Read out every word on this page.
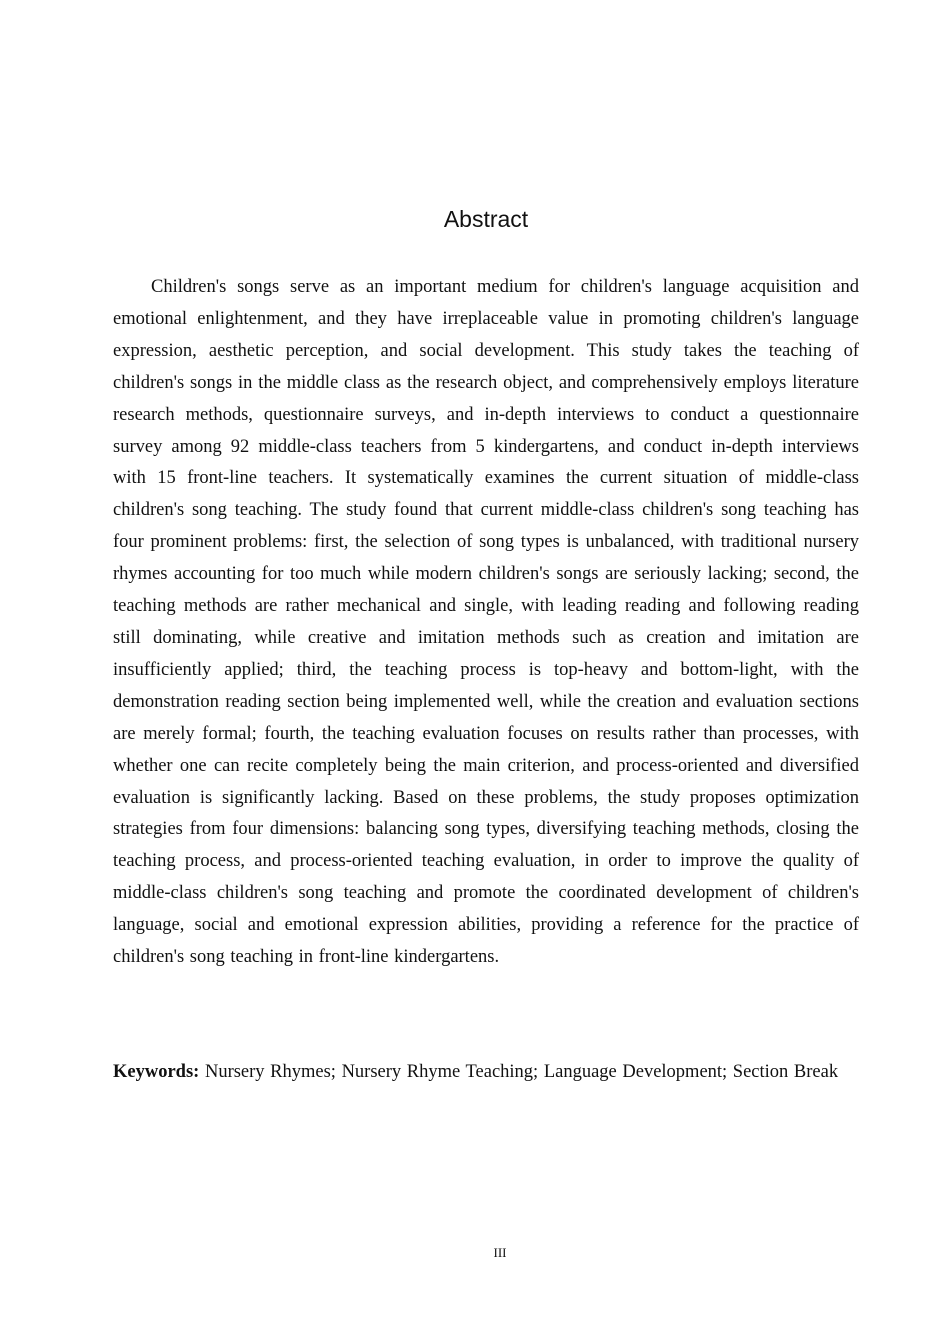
Abstract

Children's songs serve as an important medium for children's language acquisition and emotional enlightenment, and they have irreplaceable value in promoting children's language expression, aesthetic perception, and social development. This study takes the teaching of children's songs in the middle class as the research object, and comprehensively employs literature research methods, questionnaire surveys, and in-depth interviews to conduct a questionnaire survey among 92 middle-class teachers from 5 kindergartens, and conduct in-depth interviews with 15 front-line teachers. It systematically examines the current situation of middle-class children's song teaching. The study found that current middle-class children's song teaching has four prominent problems: first, the selection of song types is unbalanced, with traditional nursery rhymes accounting for too much while modern children's songs are seriously lacking; second, the teaching methods are rather mechanical and single, with leading reading and following reading still dominating, while creative and imitation methods such as creation and imitation are insufficiently applied; third, the teaching process is top-heavy and bottom-light, with the demonstration reading section being implemented well, while the creation and evaluation sections are merely formal; fourth, the teaching evaluation focuses on results rather than processes, with whether one can recite completely being the main criterion, and process-oriented and diversified evaluation is significantly lacking. Based on these problems, the study proposes optimization strategies from four dimensions: balancing song types, diversifying teaching methods, closing the teaching process, and process-oriented teaching evaluation, in order to improve the quality of middle-class children's song teaching and promote the coordinated development of children's language, social and emotional expression abilities, providing a reference for the practice of children's song teaching in front-line kindergartens.

Keywords: Nursery Rhymes; Nursery Rhyme Teaching; Language Development; Section Break

III
